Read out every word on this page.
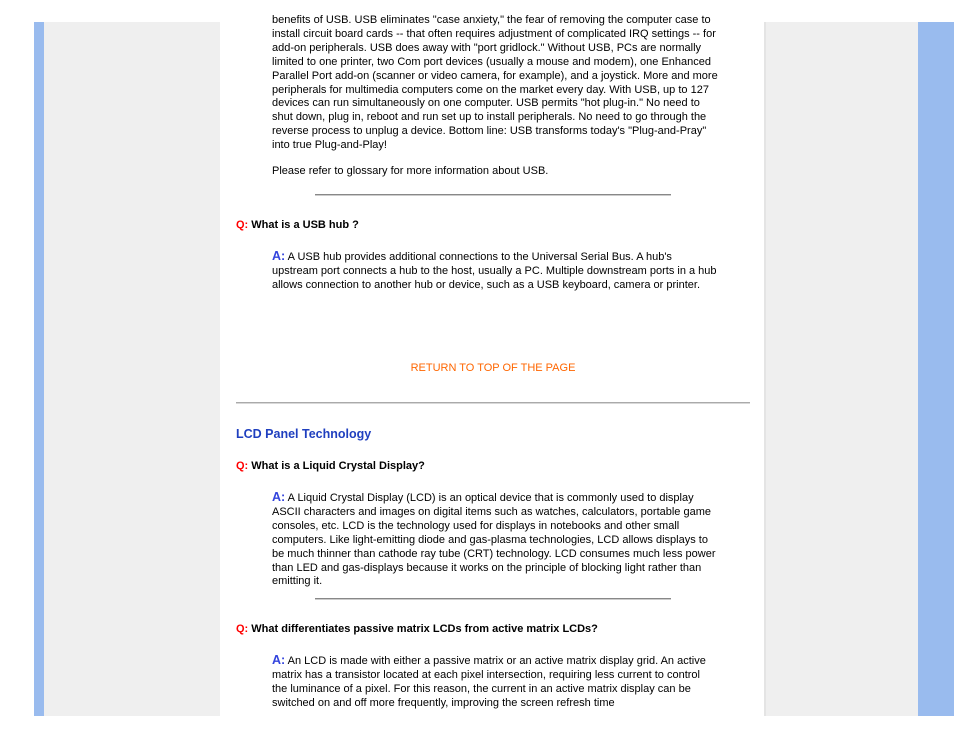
benefits of USB. USB eliminates "case anxiety," the fear of removing the computer case to install circuit board cards -- that often requires adjustment of complicated IRQ settings -- for add-on peripherals. USB does away with "port gridlock." Without USB, PCs are normally limited to one printer, two Com port devices (usually a mouse and modem), one Enhanced Parallel Port add-on (scanner or video camera, for example), and a joystick. More and more peripherals for multimedia computers come on the market every day. With USB, up to 127 devices can run simultaneously on one computer. USB permits "hot plug-in." No need to shut down, plug in, reboot and run set up to install peripherals. No need to go through the reverse process to unplug a device. Bottom line: USB transforms today's "Plug-and-Pray" into true Plug-and-Play!

Please refer to glossary for more information about USB.

Q: What is a USB hub ?

A: A USB hub provides additional connections to the Universal Serial Bus. A hub's upstream port connects a hub to the host, usually a PC. Multiple downstream ports in a hub allows connection to another hub or device, such as a USB keyboard, camera or printer.

RETURN TO TOP OF THE PAGE
LCD Panel Technology
Q: What is a Liquid Crystal Display?

A: A Liquid Crystal Display (LCD) is an optical device that is commonly used to display ASCII characters and images on digital items such as watches, calculators, portable game consoles, etc. LCD is the technology used for displays in notebooks and other small computers. Like light-emitting diode and gas-plasma technologies, LCD allows displays to be much thinner than cathode ray tube (CRT) technology. LCD consumes much less power than LED and gas-displays because it works on the principle of blocking light rather than emitting it.

Q: What differentiates passive matrix LCDs from active matrix LCDs?

A: An LCD is made with either a passive matrix or an active matrix display grid. An active matrix has a transistor located at each pixel intersection, requiring less current to control the luminance of a pixel. For this reason, the current in an active matrix display can be switched on and off more frequently, improving the screen refresh time
